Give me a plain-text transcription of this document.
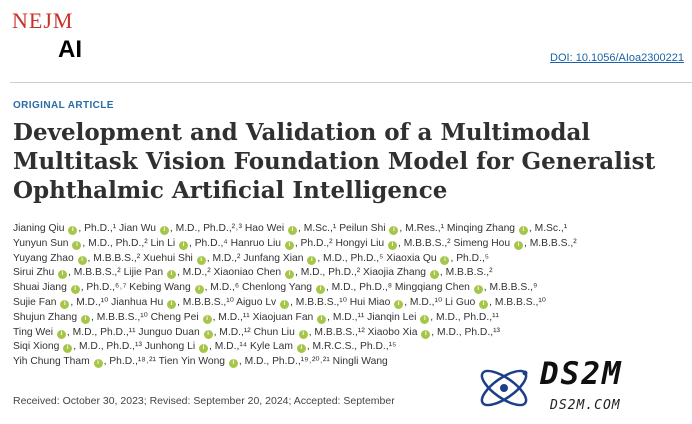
NEJM
AI	DOI: 10.1056/AIoa2300221
ORIGINAL ARTICLE
Development and Validation of a Multimodal Multitask Vision Foundation Model for Generalist Ophthalmic Artificial Intelligence
Jianing Qiu i , Ph.D.,¹ Jian Wu i , M.D., Ph.D.,²˒³ Hao Wei i , M.Sc.,¹ Peilun Shi i , M.Res.,¹ Minqing Zhang i , M.Sc.,¹
Yunyun Sun i , M.D., Ph.D.,² Lin Li i , Ph.D.,⁴ Hanruo Liu i , Ph.D.,² Hongyi Liu i , M.B.B.S.,² Simeng Hou i , M.B.B.S.,²
Yuyang Zhao i , M.B.B.S.,² Xuehui Shi i , M.D.,² Junfang Xian i , M.D., Ph.D.,⁵ Xiaoxia Qu i , Ph.D.,⁵
Sirui Zhu i , M.B.B.S.,² Lijie Pan i , M.D.,² Xiaoniao Chen i , M.D., Ph.D.,² Xiaojia Zhang i , M.B.B.S.,²
Shuai Jiang i , Ph.D.,⁶˒⁷ Kebing Wang i , M.D.,⁶ Chenlong Yang i , M.D., Ph.D.,⁸ Mingqiang Chen i , M.B.B.S.,⁹
Sujie Fan i , M.D.,¹⁰ Jianhua Hu i , M.B.B.S.,¹⁰ Aiguo Lv i , M.B.B.S.,¹⁰ Hui Miao i , M.D.,¹⁰ Li Guo i , M.B.B.S.,¹⁰
Shujun Zhang i , M.B.B.S.,¹⁰ Cheng Pei i , M.D.,¹¹ Xiaojuan Fan i , M.D.,¹¹ Jianqin Lei i , M.D., Ph.D.,¹¹
Ting Wei i , M.D., Ph.D.,¹¹ Junguo Duan i , M.D.,¹² Chun Liu i , M.B.B.S.,¹² Xiaobo Xia i , M.D., Ph.D.,¹³
Siqi Xiong i , M.D., Ph.D.,¹³ Junhong Li i , M.D.,¹⁴ Kyle Lam i , M.R.C.S., Ph.D.,¹⁵
Yih Chung Tham i , Ph.D.,¹⁸˒²¹ Tien Yin Wong i , M.D., Ph.D.,¹⁹˒²⁰˒²¹ Ningli Wang
Received: October 30, 2023; Revised: September 20, 2024; Accepted: September
DS2M
DS2M.COM
